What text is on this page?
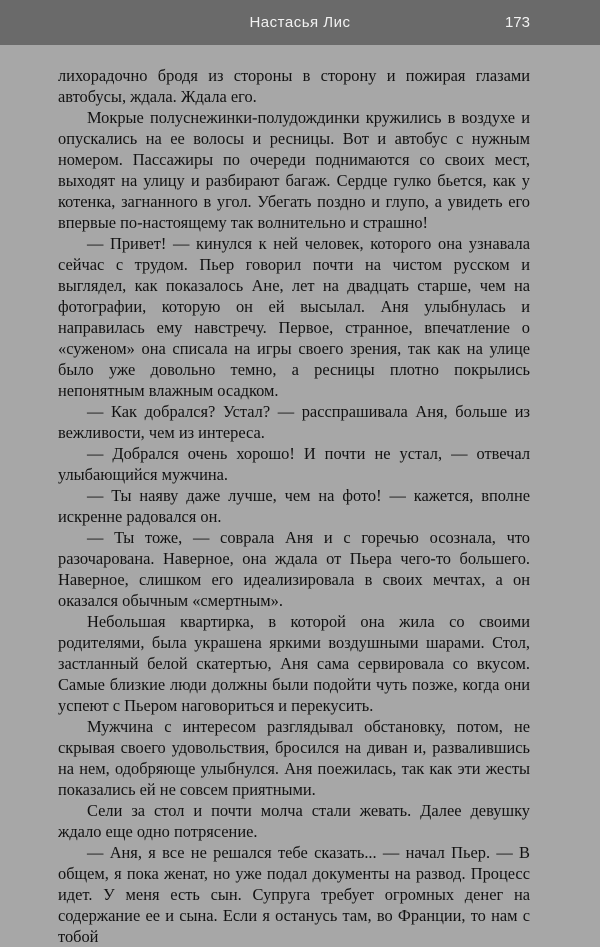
Настасья Лис	173

лихорадочно бродя из стороны в сторону и пожирая глазами автобусы, ждала. Ждала его.

Мокрые полуснежинки-полудождинки кружились в воздухе и опускались на ее волосы и ресницы. Вот и автобус с нужным номером. Пассажиры по очереди поднимаются со своих мест, выходят на улицу и разбирают багаж. Сердце гулко бьется, как у котенка, загнанного в угол. Убегать поздно и глупо, а увидеть его впервые по-настоящему так волнительно и страшно!

— Привет! — кинулся к ней человек, которого она узнавала сейчас с трудом. Пьер говорил почти на чистом русском и выглядел, как показалось Ане, лет на двадцать старше, чем на фотографии, которую он ей высылал. Аня улыбнулась и направилась ему навстречу. Первое, странное, впечатление о «суженом» она списала на игры своего зрения, так как на улице было уже довольно темно, а ресницы плотно покрылись непонятным влажным осадком.

— Как добрался? Устал? — расспрашивала Аня, больше из вежливости, чем из интереса.

— Добрался очень хорошо! И почти не устал, — отвечал улыбающийся мужчина.

— Ты наяву даже лучше, чем на фото! — кажется, вполне искренне радовался он.

— Ты тоже, — соврала Аня и с горечью осознала, что разочарована. Наверное, она ждала от Пьера чего-то большего. Наверное, слишком его идеализировала в своих мечтах, а он оказался обычным «смертным».

Небольшая квартирка, в которой она жила со своими родителями, была украшена яркими воздушными шарами. Стол, застланный белой скатертью, Аня сама сервировала со вкусом. Самые близкие люди должны были подойти чуть позже, когда они успеют с Пьером наговориться и перекусить.

Мужчина с интересом разглядывал обстановку, потом, не скрывая своего удовольствия, бросился на диван и, развалившись на нем, одобряюще улыбнулся. Аня поежилась, так как эти жесты показались ей не совсем приятными.

Сели за стол и почти молча стали жевать. Далее девушку ждало еще одно потрясение.

— Аня, я все не решался тебе сказать... — начал Пьер. — В общем, я пока женат, но уже подал документы на развод. Процесс идет. У меня есть сын. Супруга требует огромных денег на содержание ее и сына. Если я останусь там, во Франции, то нам с тобой
